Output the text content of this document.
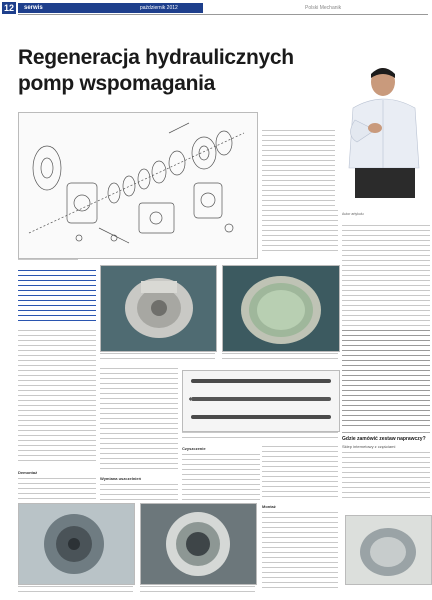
12	serwis	październik 2012	Polski Mechanik
Regeneracja hydraulicznych
pomp wspomagania
Autor artykułu
Gdzie zamówić zestaw naprawczy?
Sklep internetowy z częściami
Demontaż
Wymiana uszczelnień
Czyszczenie
Montaż
